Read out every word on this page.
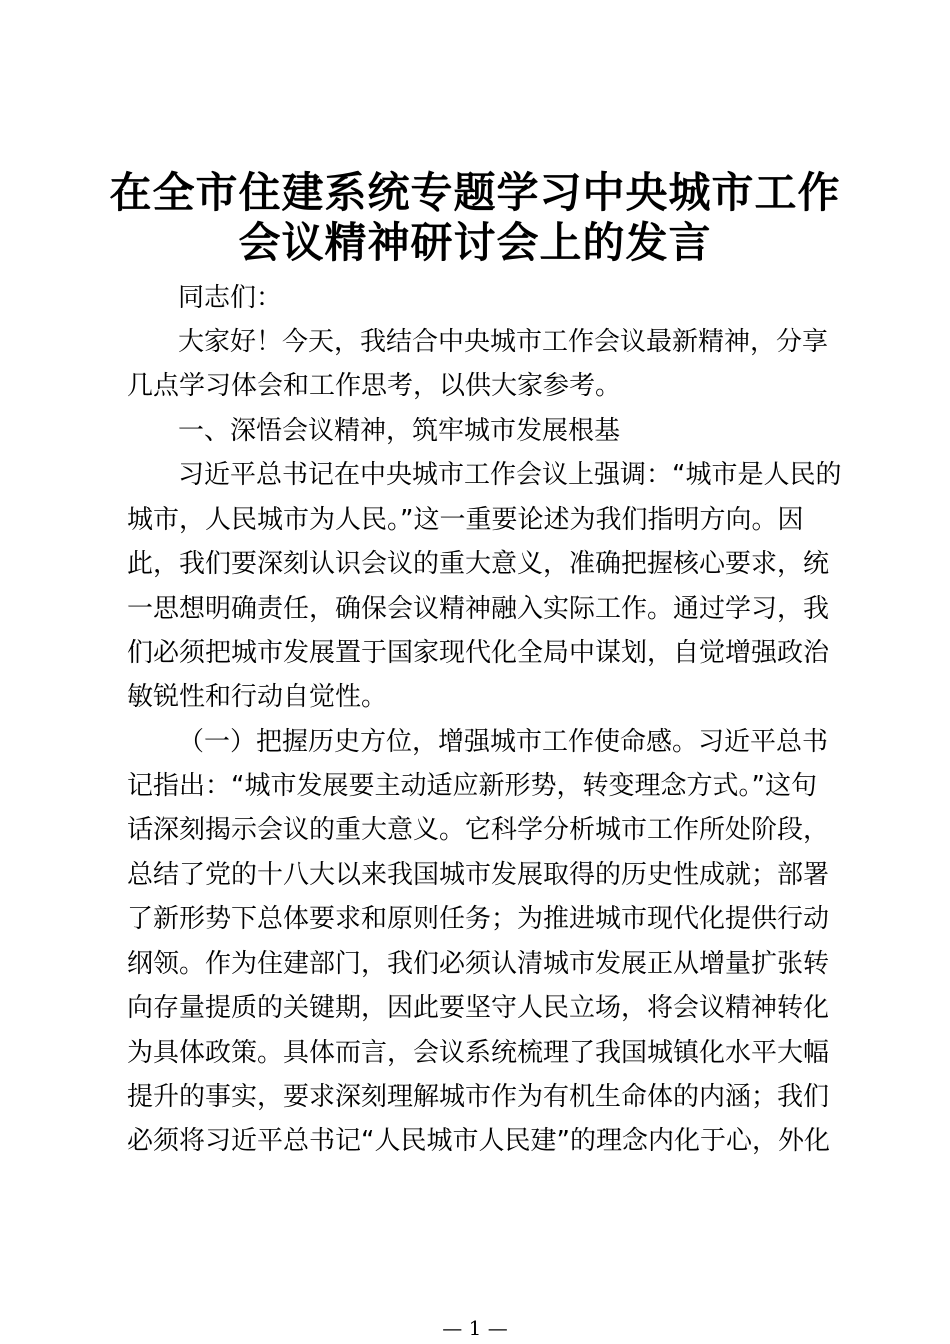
在全市住建系统专题学习中央城市工作
会议精神研讨会上的发言
同志们：
大家好！今天，我结合中央城市工作会议最新精神，分享
几点学习体会和工作思考，以供大家参考。
一、深悟会议精神，筑牢城市发展根基
习近平总书记在中央城市工作会议上强调：“城市是人民的
城市，人民城市为人民。”这一重要论述为我们指明方向。因
此，我们要深刻认识会议的重大意义，准确把握核心要求，统
一思想明确责任，确保会议精神融入实际工作。通过学习，我
们必须把城市发展置于国家现代化全局中谋划，自觉增强政治
敏锐性和行动自觉性。
（一）把握历史方位，增强城市工作使命感。习近平总书
记指出：“城市发展要主动适应新形势，转变理念方式。”这句
话深刻揭示会议的重大意义。它科学分析城市工作所处阶段，
总结了党的十八大以来我国城市发展取得的历史性成就；部署
了新形势下总体要求和原则任务；为推进城市现代化提供行动
纲领。作为住建部门，我们必须认清城市发展正从增量扩张转
向存量提质的关键期，因此要坚守人民立场，将会议精神转化
为具体政策。具体而言，会议系统梳理了我国城镇化水平大幅
提升的事实，要求深刻理解城市作为有机生命体的内涵；我们
必须将习近平总书记“人民城市人民建”的理念内化于心，外化
— 1 —
